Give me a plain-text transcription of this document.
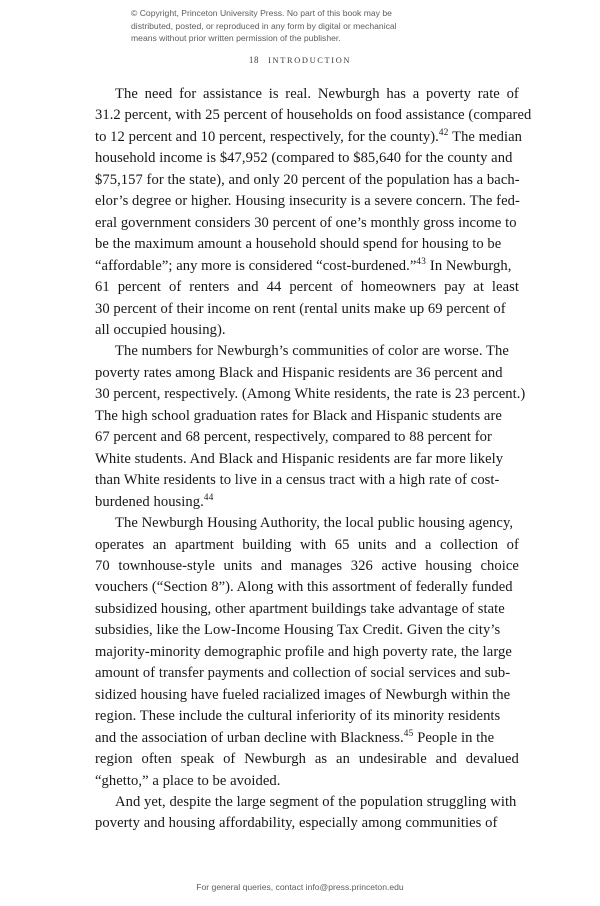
© Copyright, Princeton University Press. No part of this book may be
distributed, posted, or reproduced in any form by digital or mechanical
means without prior written permission of the publisher.
18 INTRODUCTION

The need for assistance is real. Newburgh has a poverty rate of
31.2 percent, with 25 percent of households on food assistance (compared
to 12 percent and 10 percent, respectively, for the county).$^{42}$ The median
household income is $47,952 (compared to $85,640 for the county and
$75,157 for the state), and only 20 percent of the population has a bach-
elor’s degree or higher. Housing insecurity is a severe concern. The fed-
eral government considers 30 percent of one’s monthly gross income to
be the maximum amount a household should spend for housing to be
“affordable”; any more is considered “cost-burdened.”$^{43}$ In Newburgh,
61 percent of renters and 44 percent of homeowners pay at least
30 percent of their income on rent (rental units make up 69 percent of
all occupied housing).

The numbers for Newburgh’s communities of color are worse. The
poverty rates among Black and Hispanic residents are 36 percent and
30 percent, respectively. (Among White residents, the rate is 23 percent.)
The high school graduation rates for Black and Hispanic students are
67 percent and 68 percent, respectively, compared to 88 percent for
White students. And Black and Hispanic residents are far more likely
than White residents to live in a census tract with a high rate of cost-
burdened housing.$^{44}$

The Newburgh Housing Authority, the local public housing agency,
operates an apartment building with 65 units and a collection of
70 townhouse-style units and manages 326 active housing choice
vouchers (“Section 8”). Along with this assortment of federally funded
subsidized housing, other apartment buildings take advantage of state
subsidies, like the Low-Income Housing Tax Credit. Given the city’s
majority-minority demographic profile and high poverty rate, the large
amount of transfer payments and collection of social services and sub-
sidized housing have fueled racialized images of Newburgh within the
region. These include the cultural inferiority of its minority residents
and the association of urban decline with Blackness.$^{45}$ People in the
region often speak of Newburgh as an undesirable and devalued
“ghetto,” a place to be avoided.

And yet, despite the large segment of the population struggling with
poverty and housing affordability, especially among communities of

For general queries, contact info@press.princeton.edu
